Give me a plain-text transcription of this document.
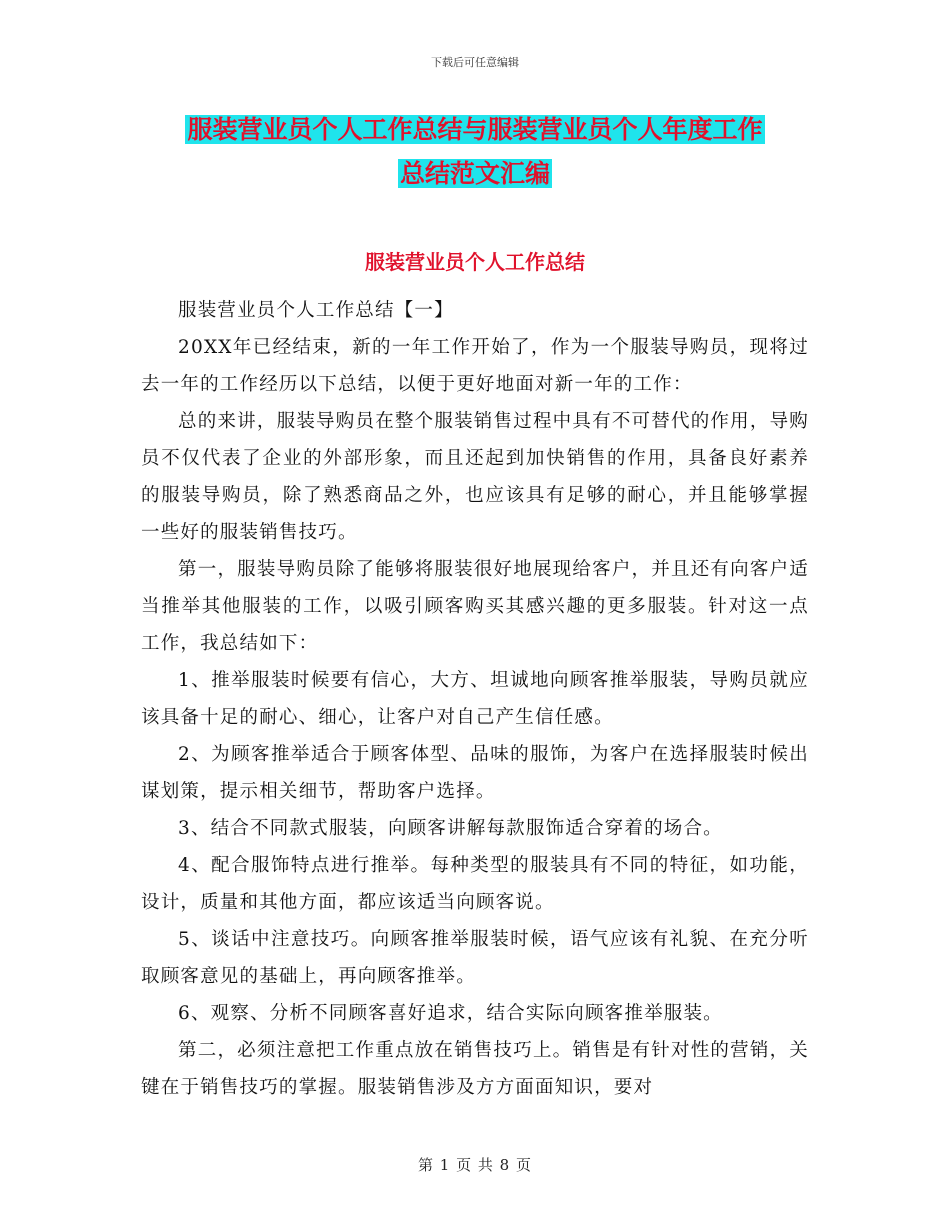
下载后可任意编辑
服装营业员个人工作总结与服装营业员个人年度工作
总结范文汇编
服装营业员个人工作总结

服装营业员个人工作总结【一】

20XX年已经结束，新的一年工作开始了，作为一个服装导购员，现将过去一年的工作经历以下总结，以便于更好地面对新一年的工作：

总的来讲，服装导购员在整个服装销售过程中具有不可替代的作用，导购员不仅代表了企业的外部形象，而且还起到加快销售的作用，具备良好素养的服装导购员，除了熟悉商品之外，也应该具有足够的耐心，并且能够掌握一些好的服装销售技巧。

第一，服装导购员除了能够将服装很好地展现给客户，并且还有向客户适当推举其他服装的工作，以吸引顾客购买其感兴趣的更多服装。针对这一点工作，我总结如下：

1、推举服装时候要有信心，大方、坦诚地向顾客推举服装，导购员就应该具备十足的耐心、细心，让客户对自己产生信任感。

2、为顾客推举适合于顾客体型、品味的服饰，为客户在选择服装时候出谋划策，提示相关细节，帮助客户选择。

3、结合不同款式服装，向顾客讲解每款服饰适合穿着的场合。

4、配合服饰特点进行推举。每种类型的服装具有不同的特征，如功能，设计，质量和其他方面，都应该适当向顾客说。

5、谈话中注意技巧。向顾客推举服装时候，语气应该有礼貌、在充分听取顾客意见的基础上，再向顾客推举。

6、观察、分析不同顾客喜好追求，结合实际向顾客推举服装。

第二，必须注意把工作重点放在销售技巧上。销售是有针对性的营销，关键在于销售技巧的掌握。服装销售涉及方方面面知识，要对

第 1 页 共 8 页
